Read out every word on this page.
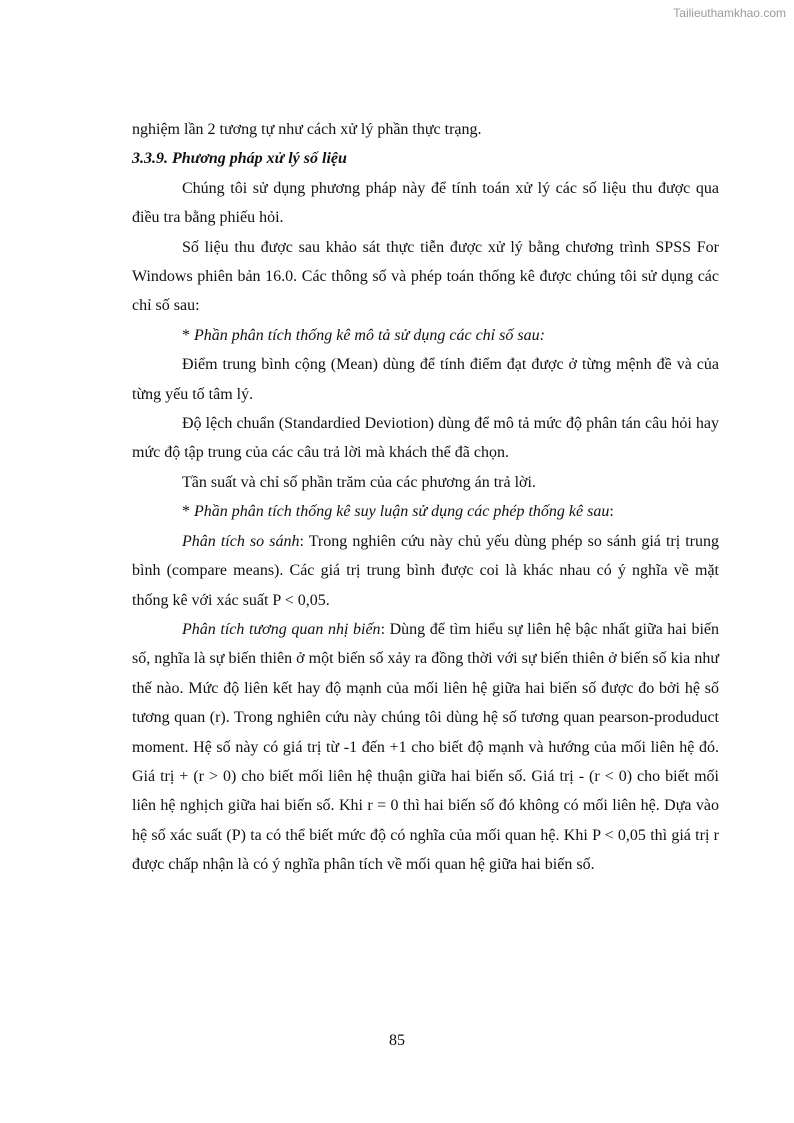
Tailieuthamkhao.com

nghiệm lần 2 tương tự như cách xử lý phần thực trạng.

3.3.9. Phương pháp xử lý số liệu

Chúng tôi sử dụng phương pháp này để tính toán xử lý các số liệu thu được qua điều tra bằng phiếu hỏi.

Số liệu thu được sau khảo sát thực tiễn được xử lý bằng chương trình SPSS For Windows phiên bản 16.0. Các thông số và phép toán thống kê được chúng tôi sử dụng các chỉ số sau:

* Phần phân tích thống kê mô tả sử dụng các chỉ số sau:

Điểm trung bình cộng (Mean) dùng để tính điểm đạt được ở từng mệnh đề và của từng yếu tố tâm lý.

Độ lệch chuẩn (Standardied Deviotion) dùng để mô tả mức độ phân tán câu hỏi hay mức độ tập trung của các câu trả lời mà khách thể đã chọn.

Tần suất và chỉ số phần trăm của các phương án trả lời.

* Phần phân tích thống kê suy luận sử dụng các phép thống kê sau:

Phân tích so sánh: Trong nghiên cứu này chủ yếu dùng phép so sánh giá trị trung bình (compare means). Các giá trị trung bình được coi là khác nhau có ý nghĩa về mặt thống kê với xác suất P < 0,05.

Phân tích tương quan nhị biến: Dùng để tìm hiểu sự liên hệ bậc nhất giữa hai biến số, nghĩa là sự biến thiên ở một biến số xảy ra đồng thời với sự biến thiên ở biến số kia như thế nào. Mức độ liên kết hay độ mạnh của mối liên hệ giữa hai biến số được đo bởi hệ số tương quan (r). Trong nghiên cứu này chúng tôi dùng hệ số tương quan pearson-produduct moment. Hệ số này có giá trị từ -1 đến +1 cho biết độ mạnh và hướng của mối liên hệ đó. Giá trị + (r > 0) cho biết mối liên hệ thuận giữa hai biến số. Giá trị - (r < 0) cho biết mối liên hệ nghịch giữa hai biến số. Khi r = 0 thì hai biến số đó không có mối liên hệ. Dựa vào hệ số xác suất (P) ta có thể biết mức độ có nghĩa của mối quan hệ. Khi P < 0,05 thì giá trị r được chấp nhận là có ý nghĩa phân tích về mối quan hệ giữa hai biến số.

85
